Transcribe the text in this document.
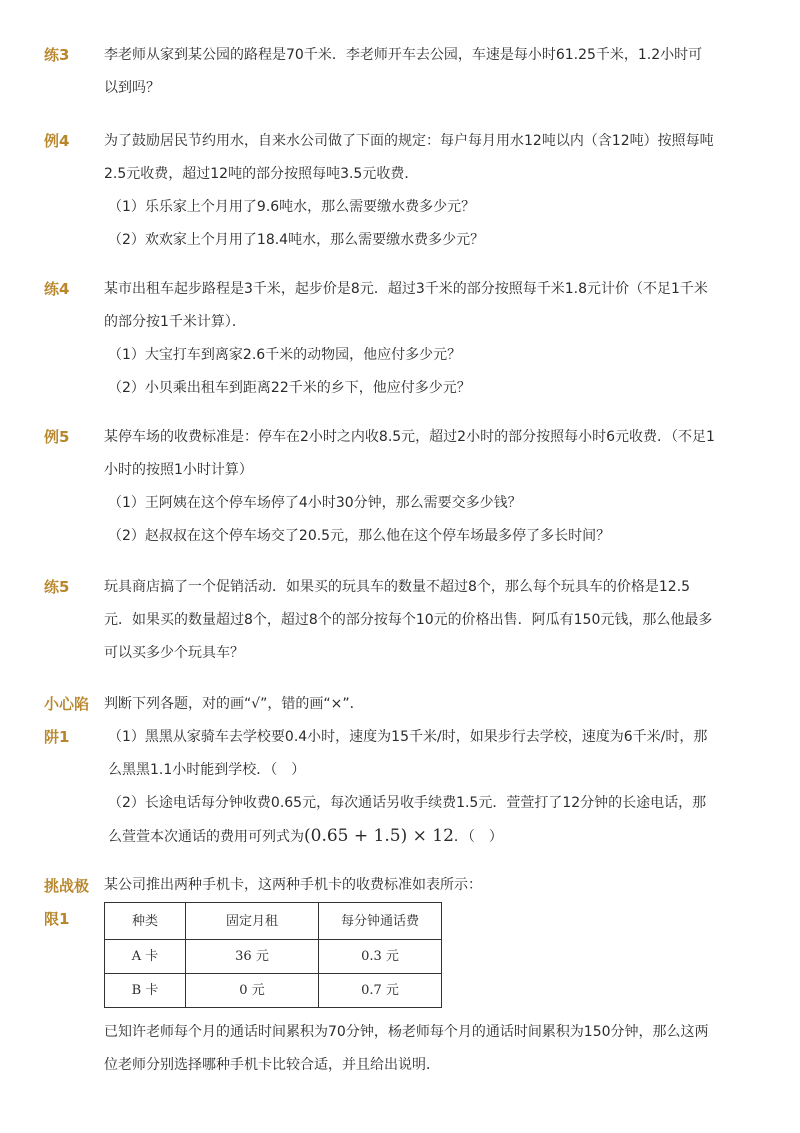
练3	李老师从家到某公园的路程是70千米．李老师开车去公园，车速是每小时61.25千米，1.2小时可以到吗？

例4	为了鼓励居民节约用水，自来水公司做了下面的规定：每户每月用水12吨以内（含12吨）按照每吨2.5元收费，超过12吨的部分按照每吨3.5元收费．

（1）乐乐家上个月用了9.6吨水，那么需要缴水费多少元？

（2）欢欢家上个月用了18.4吨水，那么需要缴水费多少元？

练4	某市出租车起步路程是3千米，起步价是8元．超过3千米的部分按照每千米1.8元计价（不足1千米的部分按1千米计算）．

（1）大宝打车到离家2.6千米的动物园，他应付多少元？

（2）小贝乘出租车到距离22千米的乡下，他应付多少元？

例5	某停车场的收费标准是：停车在2小时之内收8.5元，超过2小时的部分按照每小时6元收费．（不足1小时的按照1小时计算）

（1）王阿姨在这个停车场停了4小时30分钟，那么需要交多少钱？

（2）赵叔叔在这个停车场交了20.5元，那么他在这个停车场最多停了多长时间？

练5	玩具商店搞了一个促销活动．如果买的玩具车的数量不超过8个，那么每个玩具车的价格是12.5元．如果买的数量超过8个，超过8个的部分按每个10元的价格出售．阿瓜有150元钱，那么他最多可以买多少个玩具车？

小心陷阱1

判断下列各题，对的画“√”，错的画“×”．

（1）黑黑从家骑车去学校要0.4小时，速度为15千米/时，如果步行去学校，速度为6千米/时，那么黑黑1.1小时能到学校．（　）

（2）长途电话每分钟收费0.65元，每次通话另收手续费1.5元．萱萱打了12分钟的长途电话，那么萱萱本次通话的费用可列式为(0.65 + 1.5) × 12．（　）

挑战极限1

某公司推出两种手机卡，这两种手机卡的收费标准如表所示：

种类	固定月租	每分钟通话费
A 卡	36 元	0.3 元
B 卡	0 元	0.7 元

已知许老师每个月的通话时间累积为70分钟，杨老师每个月的通话时间累积为150分钟，那么这两位老师分别选择哪种手机卡比较合适，并且给出说明．
